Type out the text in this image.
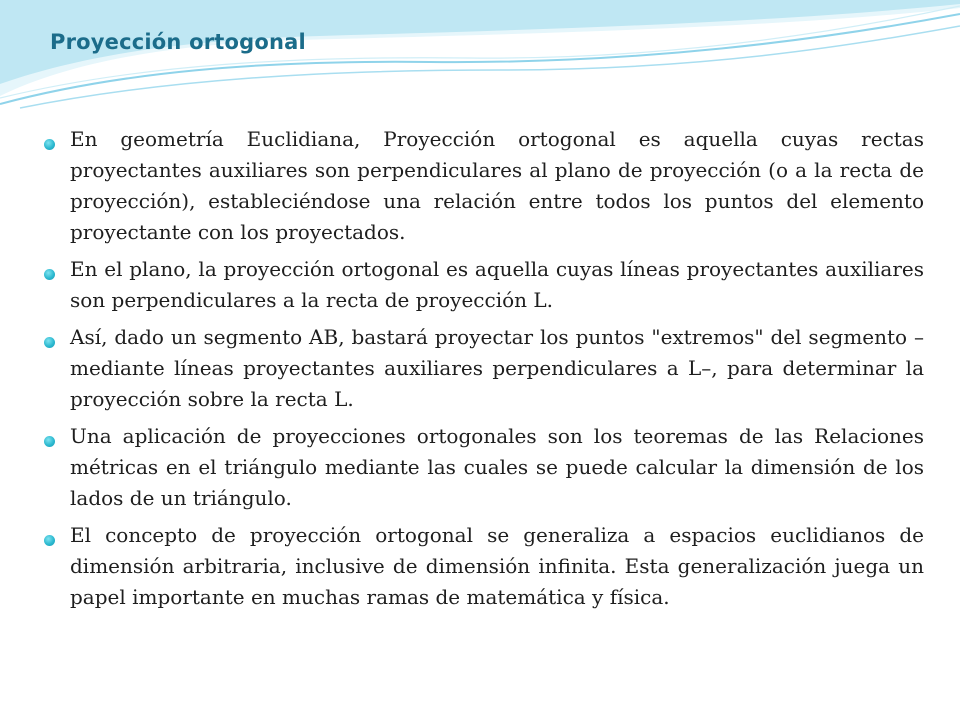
Proyección ortogonal
En geometría Euclidiana, Proyección ortogonal es aquella cuyas rectas proyectantes auxiliares son perpendiculares al plano de proyección (o a la recta de proyección), estableciéndose una relación entre todos los puntos del elemento proyectante con los proyectados.
En el plano, la proyección ortogonal es aquella cuyas líneas proyectantes auxiliares son perpendiculares a la recta de proyección L.
Así, dado un segmento AB, bastará proyectar los puntos "extremos" del segmento –mediante líneas proyectantes auxiliares perpendiculares a L–, para determinar la proyección sobre la recta L.
Una aplicación de proyecciones ortogonales son los teoremas de las Relaciones métricas en el triángulo mediante las cuales se puede calcular la dimensión de los lados de un triángulo.
El concepto de proyección ortogonal se generaliza a espacios euclidianos de dimensión arbitraria, inclusive de dimensión infinita. Esta generalización juega un papel importante en muchas ramas de matemática y física.
